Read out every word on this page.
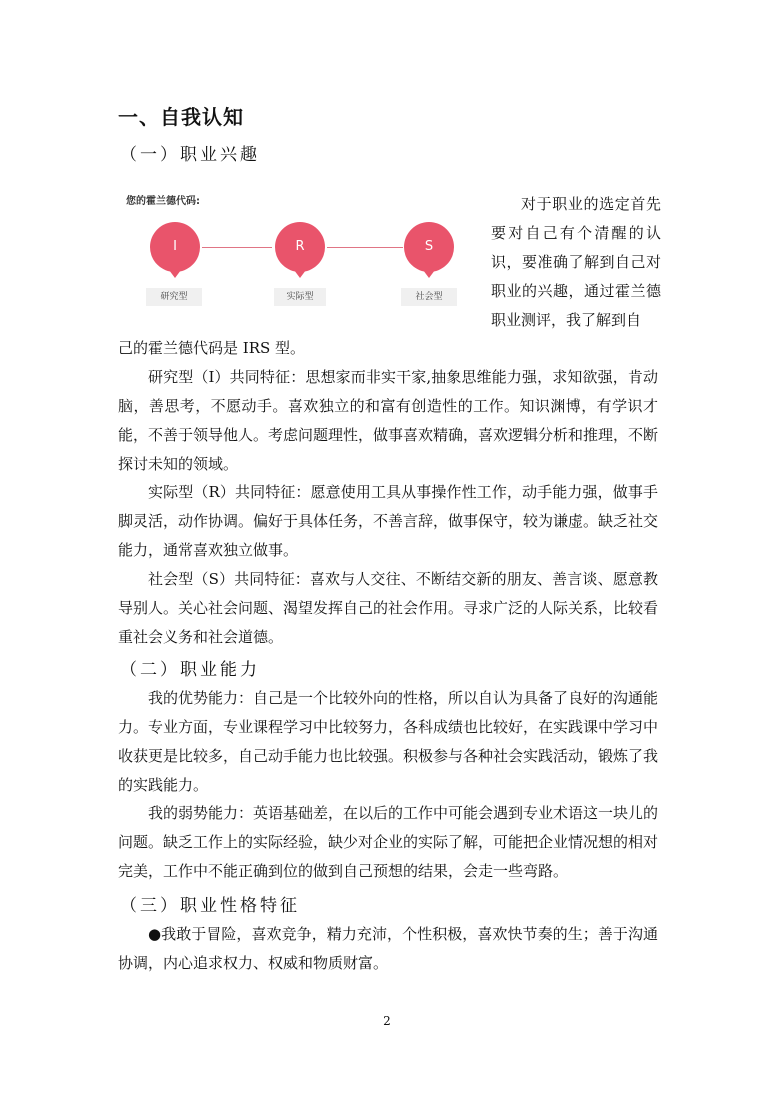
一、自我认知
（一）职业兴趣
您的霍兰德代码:
I
研究型
R
实际型
S
社会型
对于职业的选定首先要对自己有个清醒的认识，要准确了解到自己对职业的兴趣，通过霍兰德职业测评，我了解到自
己的霍兰德代码是 IRS 型。
研究型（I）共同特征：思想家而非实干家,抽象思维能力强，求知欲强，肯动脑，善思考，不愿动手。喜欢独立的和富有创造性的工作。知识渊博，有学识才能，不善于领导他人。考虑问题理性，做事喜欢精确，喜欢逻辑分析和推理，不断探讨未知的领域。
实际型（R）共同特征：愿意使用工具从事操作性工作，动手能力强，做事手脚灵活，动作协调。偏好于具体任务，不善言辞，做事保守，较为谦虚。缺乏社交能力，通常喜欢独立做事。
社会型（S）共同特征：喜欢与人交往、不断结交新的朋友、善言谈、愿意教导别人。关心社会问题、渴望发挥自己的社会作用。寻求广泛的人际关系，比较看重社会义务和社会道德。
（二）职业能力
我的优势能力：自己是一个比较外向的性格，所以自认为具备了良好的沟通能力。专业方面，专业课程学习中比较努力，各科成绩也比较好，在实践课中学习中收获更是比较多，自己动手能力也比较强。积极参与各种社会实践活动，锻炼了我的实践能力。
我的弱势能力：英语基础差，在以后的工作中可能会遇到专业术语这一块儿的问题。缺乏工作上的实际经验，缺少对企业的实际了解，可能把企业情况想的相对完美，工作中不能正确到位的做到自己预想的结果，会走一些弯路。
（三）职业性格特征
●我敢于冒险，喜欢竞争，精力充沛，个性积极，喜欢快节奏的生；善于沟通协调，内心追求权力、权威和物质财富。
2
